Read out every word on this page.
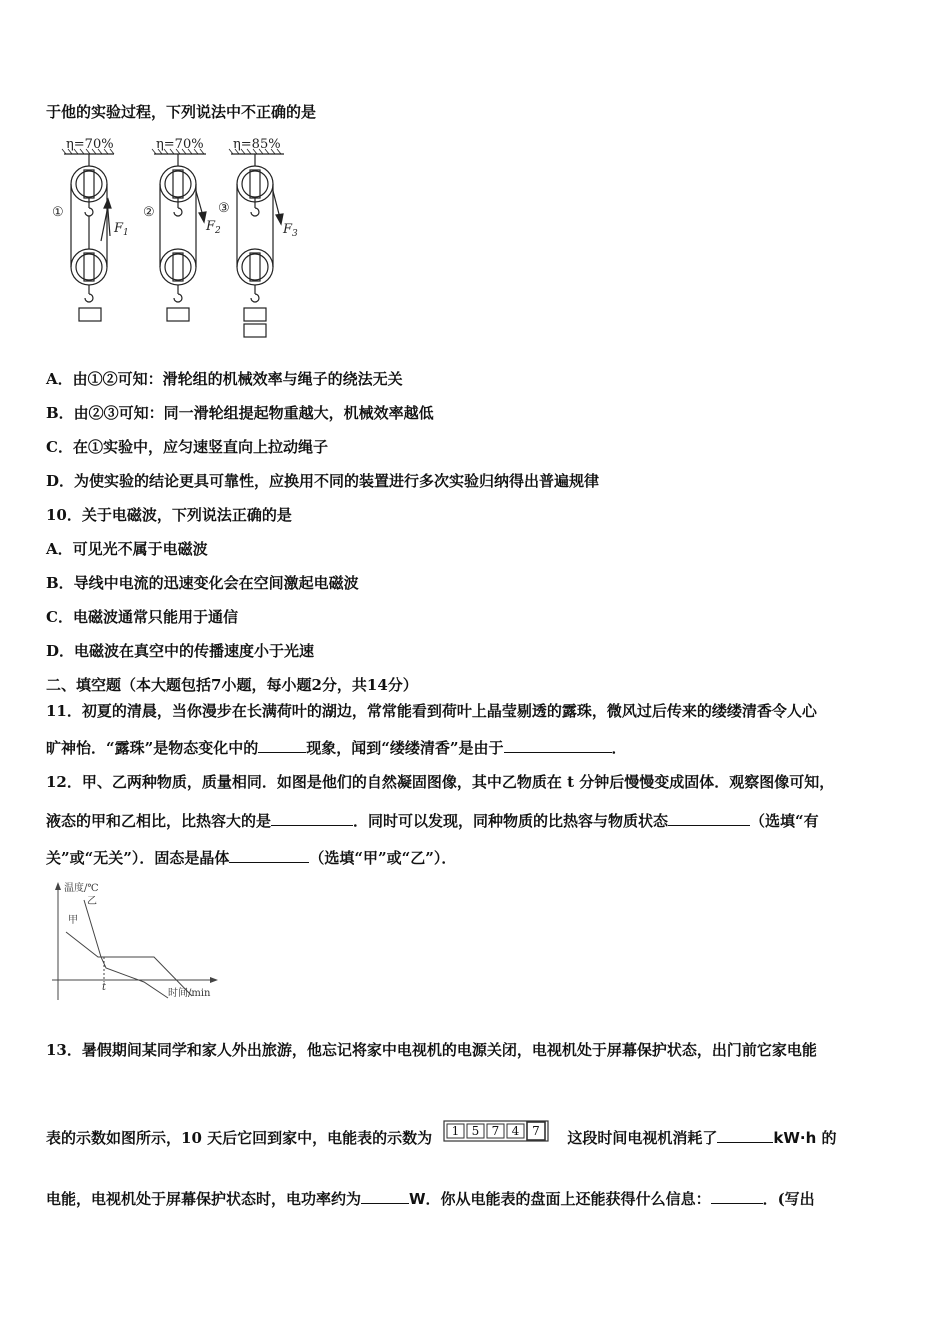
于他的实验过程，下列说法中不正确的是
η=70%	η=70% η=85%
①	②	③
F 1	F 2	F 3
A．由①②可知：滑轮组的机械效率与绳子的绕法无关
B．由②③可知：同一滑轮组提起物重越大，机械效率越低
C．在①实验中，应匀速竖直向上拉动绳子
D．为使实验的结论更具可靠性，应换用不同的装置进行多次实验归纳得出普遍规律
10．关于电磁波，下列说法正确的是
A．可见光不属于电磁波
B．导线中电流的迅速变化会在空间激起电磁波
C．电磁波通常只能用于通信
D．电磁波在真空中的传播速度小于光速
二、填空题（本大题包括7小题，每小题2分，共14分）
11．初夏的清晨，当你漫步在长满荷叶的湖边，常常能看到荷叶上晶莹剔透的露珠，微风过后传来的缕缕清香令人心
旷神怡．“露珠”是物态变化中的	现象，闻到“缕缕清香”是由于	．
12．甲、乙两种物质，质量相同．如图是他们的自然凝固图像，其中乙物质在 t 分钟后慢慢变成固体．观察图像可知，
液态的甲和乙相比，比热容大的是	．同时可以发现，同种物质的比热容与物质状态	（选填“有
关”或“无关”）．固态是晶体	（选填“甲”或“乙”）．
温度/℃
时间/min
甲
乙
t
13．暑假期间某同学和家人外出旅游，他忘记将家中电视机的电源关闭，电视机处于屏幕保护状态，出门前它家电能
表的示数如图所示，10 天后它回到家中，电能表的示数为 1 5 7 4 7 这段时间电视机消耗了	kW·h 的
电能，电视机处于屏幕保护状态时，电功率约为	W．你从电能表的盘面上还能获得什么信息：	．(写出
